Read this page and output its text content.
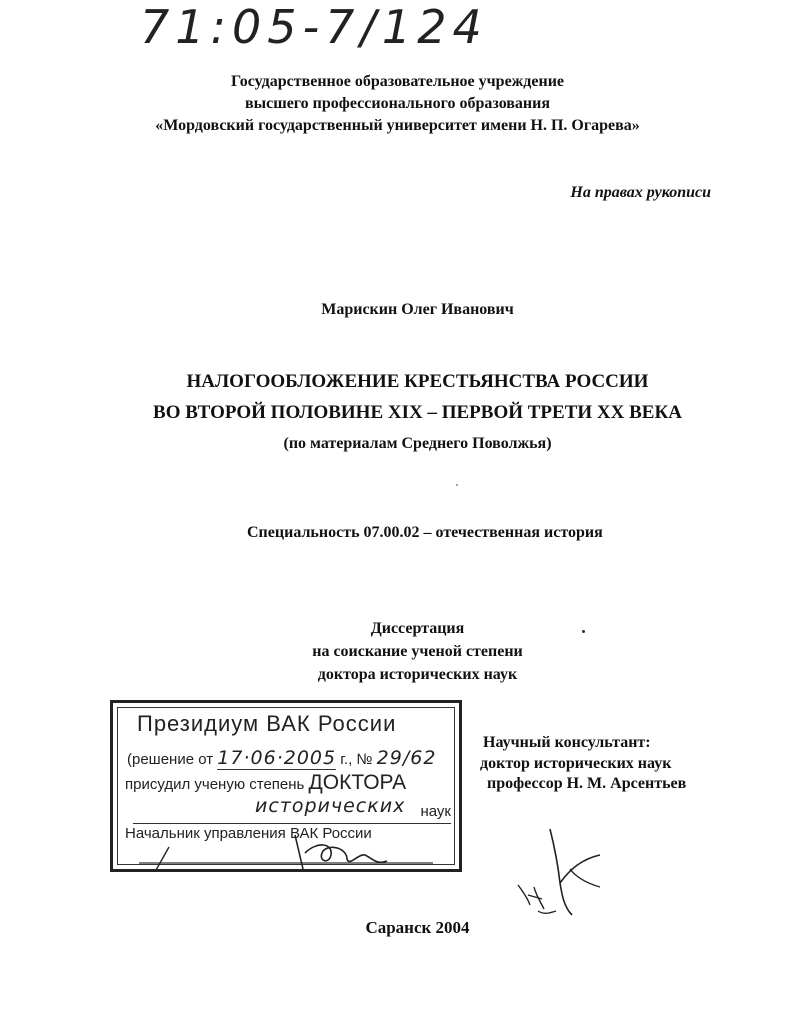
71:05-7/124
Государственное образовательное учреждение
высшего профессионального образования
«Мордовский государственный университет имени Н. П. Огарева»
На правах рукописи
Марискин Олег Иванович
НАЛОГООБЛОЖЕНИЕ КРЕСТЬЯНСТВА РОССИИ
ВО ВТОРОЙ ПОЛОВИНЕ XIX – ПЕРВОЙ ТРЕТИ XX ВЕКА
(по материалам Среднего Поволжья)
Специальность 07.00.02 – отечественная история
Диссертация
на соискание ученой степени
доктора исторических наук
Президиум ВАК России
(решение от 17·06·2005 г., № 29/62
присудил ученую степень ДОКТОРА
исторических наук
Начальник управления ВАК России
Научный консультант:
доктор исторических наук
профессор Н. М. Арсентьев
Саранск 2004
